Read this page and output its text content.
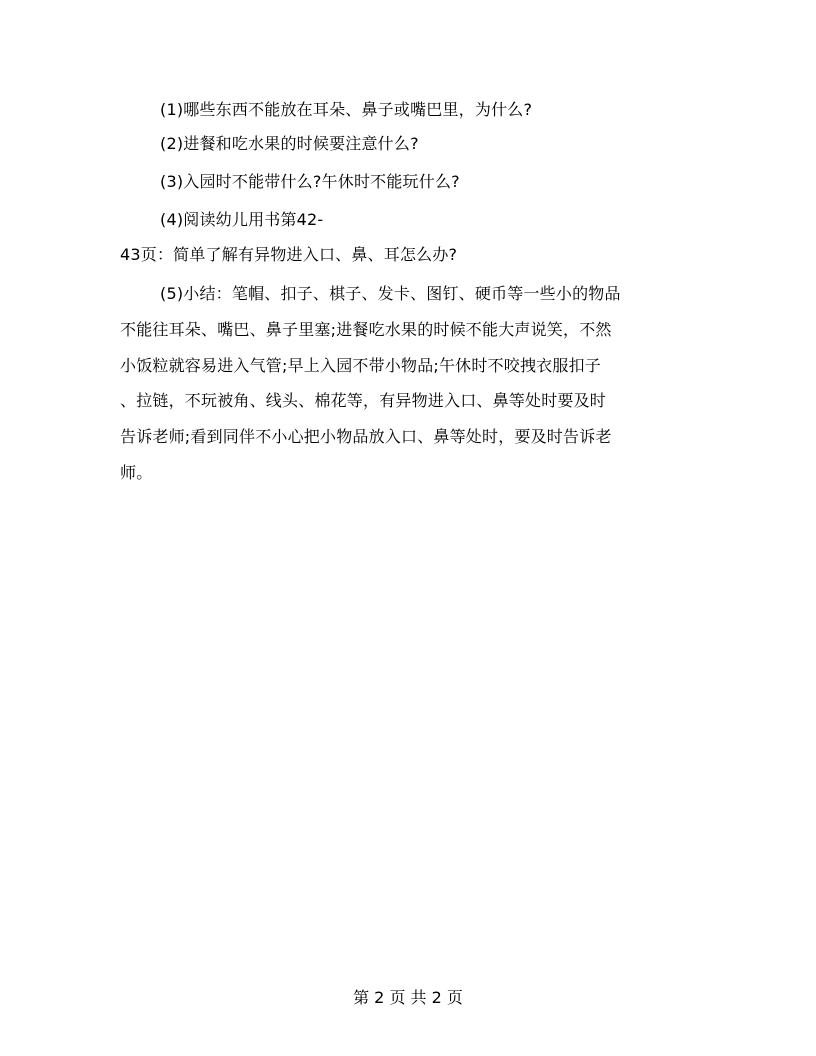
(1)哪些东西不能放在耳朵、鼻子或嘴巴里，为什么?
(2)进餐和吃水果的时候要注意什么?
(3)入园时不能带什么?午休时不能玩什么?
(4)阅读幼儿用书第42-
43页：简单了解有异物进入口、鼻、耳怎么办?
(5)小结：笔帽、扣子、棋子、发卡、图钉、硬币等一些小的物品
不能往耳朵、嘴巴、鼻子里塞;进餐吃水果的时候不能大声说笑，不然
小饭粒就容易进入气管;早上入园不带小物品;午休时不咬拽衣服扣子
、拉链，不玩被角、线头、棉花等，有异物进入口、鼻等处时要及时
告诉老师;看到同伴不小心把小物品放入口、鼻等处时，要及时告诉老
师。
第 2 页 共 2 页
